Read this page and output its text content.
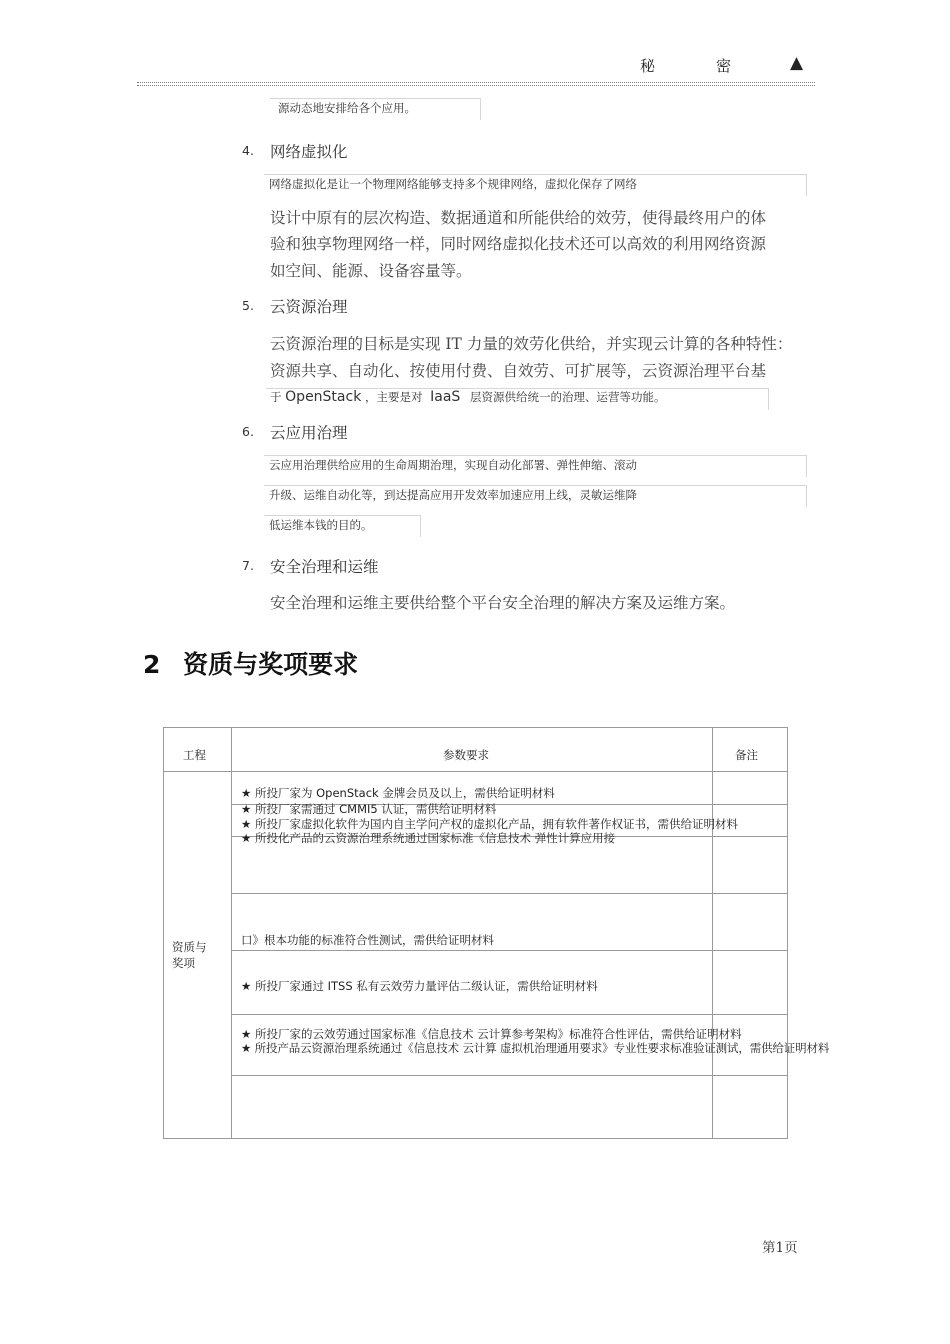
秘	密	▲
源动态地安排给各个应用。
4. 网络虚拟化
网络虚拟化是让一个物理网络能够支持多个规律网络，虚拟化保存了网络
设计中原有的层次构造、数据通道和所能供给的效劳，使得最终用户的体
验和独享物理网络一样，同时网络虚拟化技术还可以高效的利用网络资源
如空间、能源、设备容量等。
5. 云资源治理
云资源治理的目标是实现 IT 力量的效劳化供给，并实现云计算的各种特性：
资源共享、自动化、按使用付费、自效劳、可扩展等，云资源治理平台基
于 OpenStack ，主要是对 IaaS 层资源供给统一的治理、运营等功能。
6. 云应用治理
云应用治理供给应用的生命周期治理，实现自动化部署、弹性伸缩、滚动
升级、运维自动化等，到达提高应用开发效率加速应用上线，灵敏运维降
低运维本钱的目的。
7. 安全治理和运维
安全治理和运维主要供给整个平台安全治理的解决方案及运维方案。
2 资质与奖项要求
工程	参数要求	备注
资质与
奖项
★ 所投厂家为 OpenStack 金牌会员及以上，需供给证明材料
★ 所投厂家需通过 CMMI5 认证，需供给证明材料
★ 所投厂家虚拟化软件为国内自主学问产权的虚拟化产品，拥有软件著作权证书，需供给证明材料
★ 所投化产品的云资源治理系统通过国家标准《信息技术 弹性计算应用接
口》根本功能的标准符合性测试，需供给证明材料
★ 所投厂家通过 ITSS 私有云效劳力量评估二级认证，需供给证明材料
★ 所投厂家的云效劳通过国家标准《信息技术 云计算参考架构》标准符合性评估，需供给证明材料
★ 所投产品云资源治理系统通过《信息技术 云计算 虚拟机治理通用要求》专业性要求标准验证测试，需供给证明材料
第1页
